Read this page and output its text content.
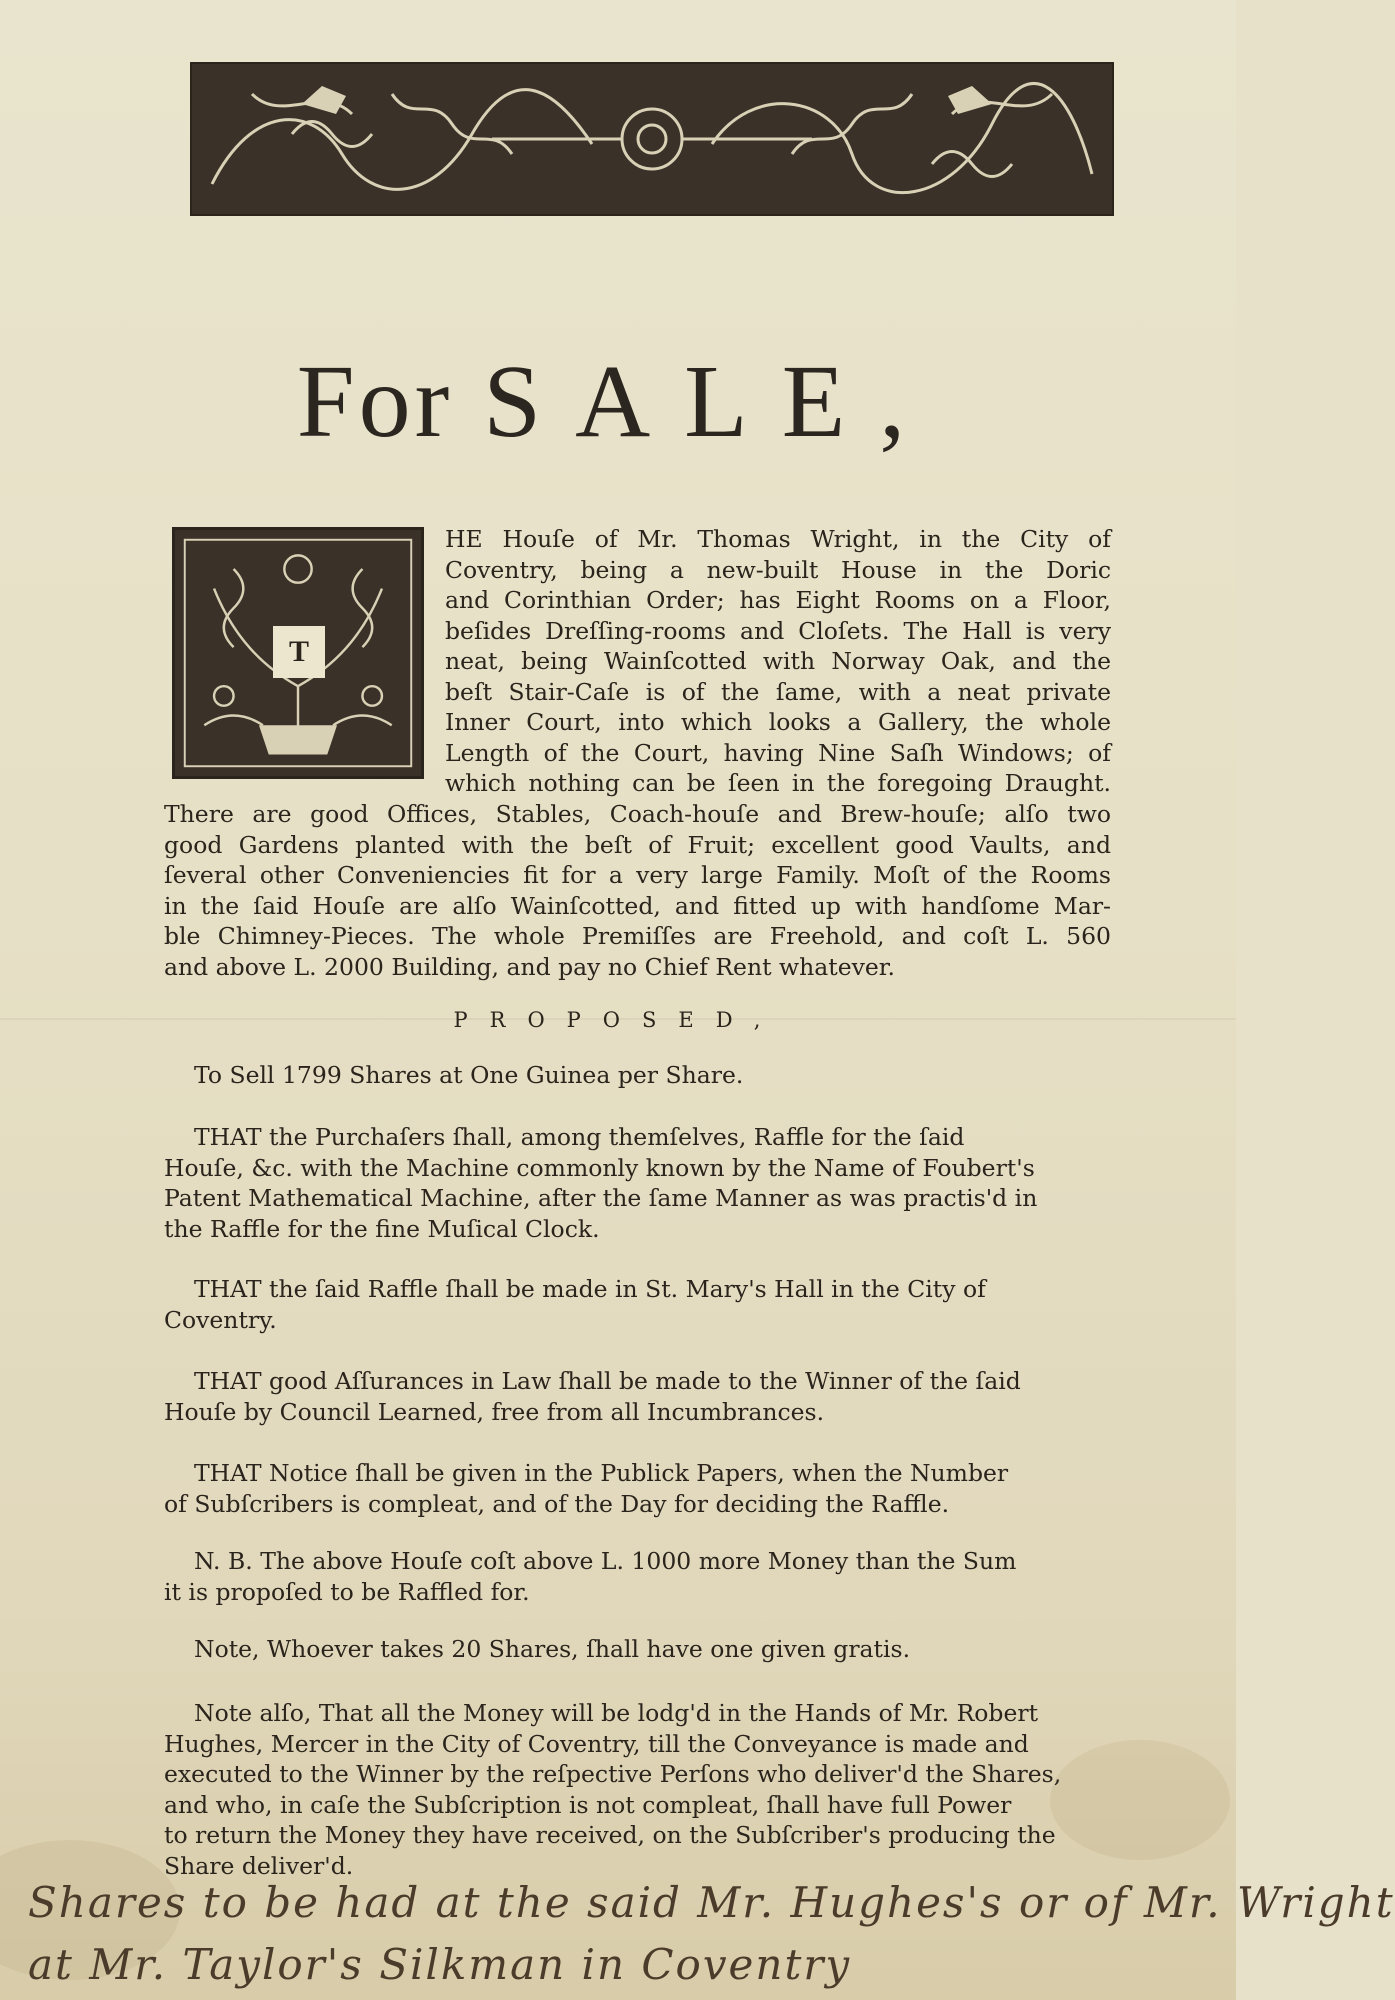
For SALE,
T
HE Houſe of Mr. Thomas Wright, in the City of
Coventry, being a new-built House in the Doric
and Corinthian Order; has Eight Rooms on a Floor,
beſides Dreſſing-rooms and Cloſets. The Hall is very
neat, being Wainſcotted with Norway Oak, and the
beſt Stair-Caſe is of the ſame, with a neat private
Inner Court, into which looks a Gallery, the whole
Length of the Court, having Nine Saſh Windows; of
which nothing can be ſeen in the foregoing Draught.
There are good Offices, Stables, Coach-houſe and Brew-houſe; alſo two
good Gardens planted with the beſt of Fruit; excellent good Vaults, and
ſeveral other Conveniencies fit for a very large Family. Moſt of the Rooms
in the ſaid Houſe are alſo Wainſcotted, and fitted up with handſome Mar-
ble Chimney-Pieces. The whole Premiſſes are Freehold, and coſt L. 560
and above L. 2000 Building, and pay no Chief Rent whatever.
PROPOSED,
To Sell 1799 Shares at One Guinea per Share.
THAT the Purchaſers ſhall, among themſelves, Raffle for the ſaid
Houſe, &c. with the Machine commonly known by the Name of Foubert's
Patent Mathematical Machine, after the ſame Manner as was practis'd in
the Raffle for the fine Muſical Clock.
THAT the ſaid Raffle ſhall be made in St. Mary's Hall in the City of
Coventry.
THAT good Aſſurances in Law ſhall be made to the Winner of the ſaid
Houſe by Council Learned, free from all Incumbrances.
THAT Notice ſhall be given in the Publick Papers, when the Number
of Subſcribers is compleat, and of the Day for deciding the Raffle.
N. B. The above Houſe coſt above L. 1000 more Money than the Sum
it is propoſed to be Raffled for.
Note, Whoever takes 20 Shares, ſhall have one given gratis.
Note alſo, That all the Money will be lodg'd in the Hands of Mr. Robert
Hughes, Mercer in the City of Coventry, till the Conveyance is made and
executed to the Winner by the reſpective Perſons who deliver'd the Shares,
and who, in caſe the Subſcription is not compleat, ſhall have full Power
to return the Money they have received, on the Subſcriber's producing the
Share deliver'd.
Shares to be had at the said Mr. Hughes's or of Mr. Wright
at Mr. Taylor's Silkman in Coventry
